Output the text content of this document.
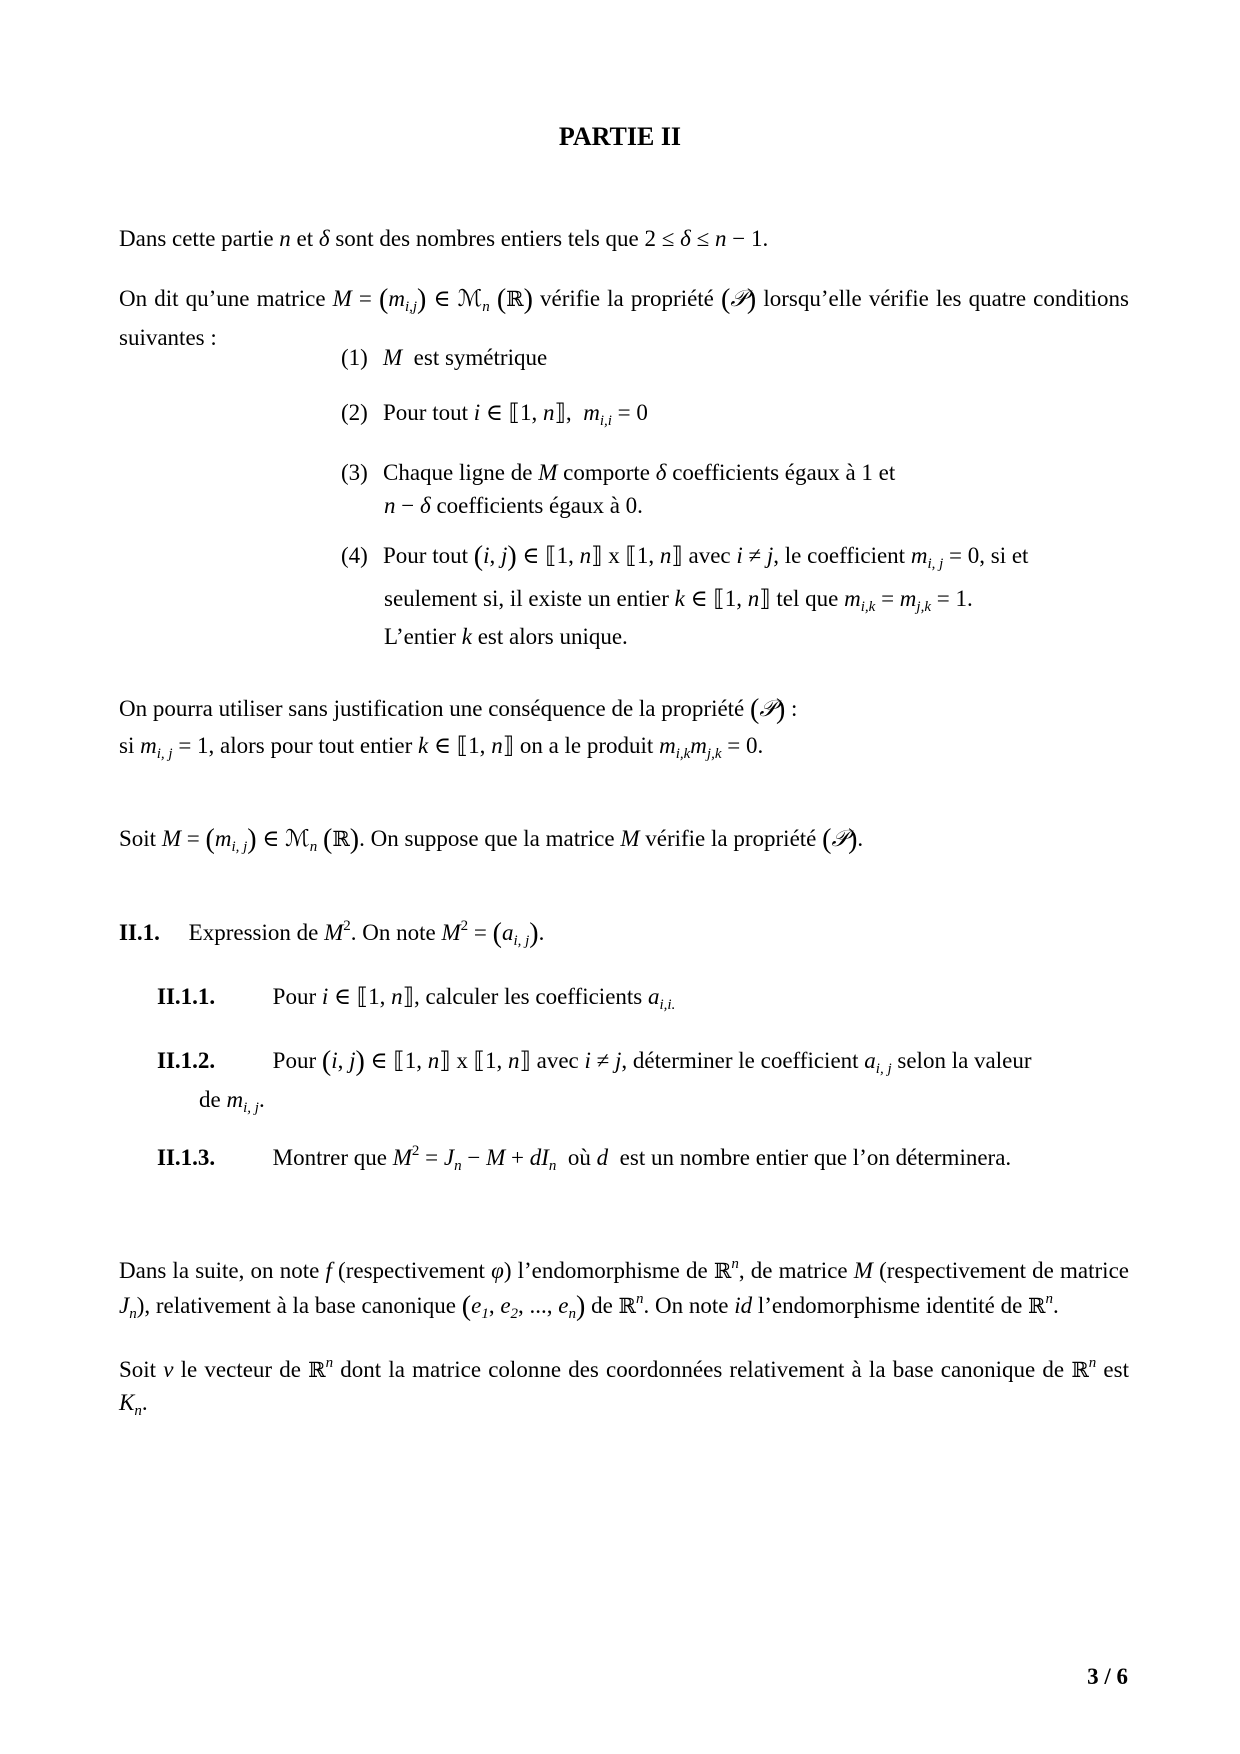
PARTIE II
Dans cette partie n et δ sont des nombres entiers tels que 2 ≤ δ ≤ n − 1.
On dit qu’une matrice $M = (m_{i,j})$ ∈ ℳ$_n$ (ℝ) vérifie la propriété (𝒫) lorsqu’elle vérifie les quatre conditions suivantes :
(1) M  est symétrique
(2) Pour tout i ∈ ⟦1, n⟧,  $m_{i,i} = 0$
(3) Chaque ligne de M comporte δ coefficients égaux à 1 et
n − δ coefficients égaux à 0.
(4) Pour tout (i, j) ∈ ⟦1, n⟧ x ⟦1, n⟧ avec i ≠ j, le coefficient $m_{i, j} = 0$, si et
seulement si, il existe un entier k ∈ ⟦1, n⟧ tel que $m_{i,k} = m_{j,k} = 1$.
L’entier k est alors unique.
On pourra utiliser sans justification une conséquence de la propriété (𝒫) :
si $m_{i, j} = 1$, alors pour tout entier k ∈ ⟦1, n⟧ on a le produit $m_{i,k}m_{j,k} = 0$.
Soit $M = (m_{i, j})$ ∈ ℳ$_n$ (ℝ). On suppose que la matrice M vérifie la propriété (𝒫).
II.1.     Expression de $M^2$. On note $M^2 = (a_{i, j})$.
II.1.1.          Pour i ∈ ⟦1, n⟧, calculer les coefficients $a_{i,i.}$
II.1.2.          Pour (i, j) ∈ ⟦1, n⟧ x ⟦1, n⟧ avec i ≠ j, déterminer le coefficient $a_{i, j}$ selon la valeur
de $m_{i, j}$.
II.1.3.          Montrer que $M^2 = J_n - M + dI_n$  où d  est un nombre entier que l’on déterminera.
Dans la suite, on note f (respectivement φ) l’endomorphisme de ℝ$^n$, de matrice M (respectivement de matrice $J_n$), relativement à la base canonique ($e_1$, $e_2$, ..., $e_n$) de ℝ$^n$. On note id l’endomorphisme identité de ℝ$^n$.
Soit v le vecteur de ℝ$^n$ dont la matrice colonne des coordonnées relativement à la base canonique de ℝ$^n$ est $K_n$.
3 / 6
